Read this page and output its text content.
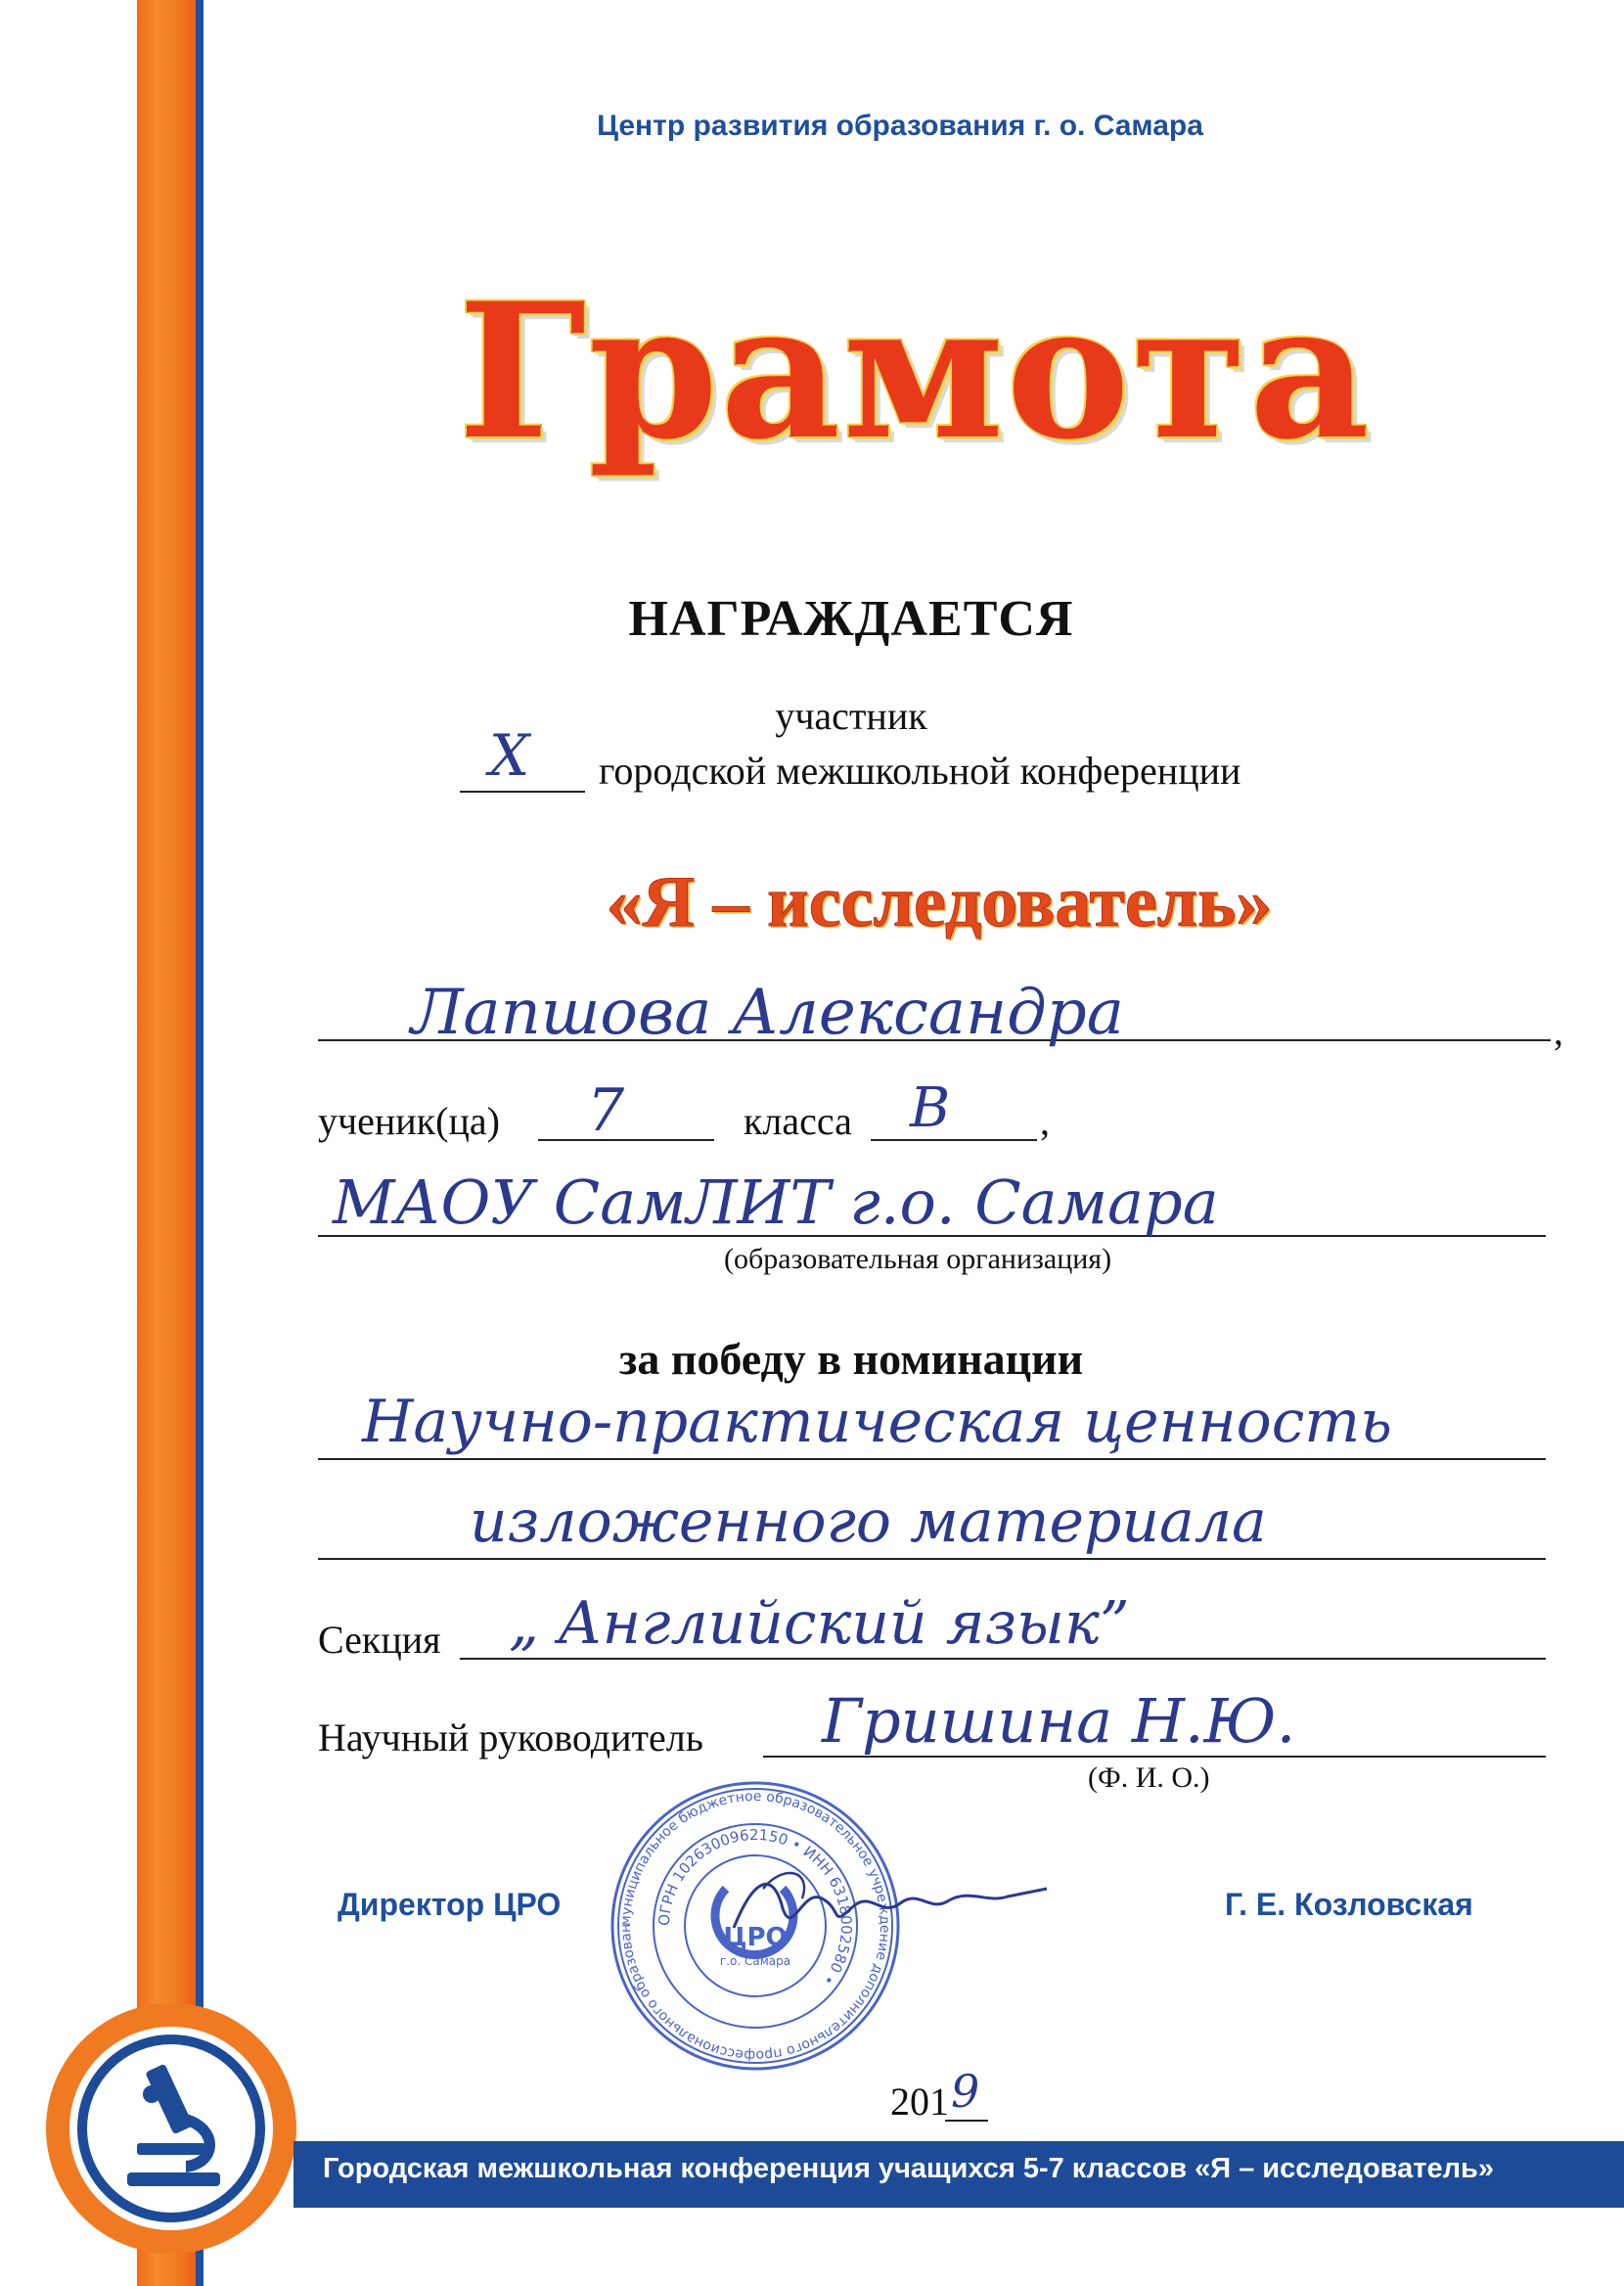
Центр развития образования г. о. Самара
Грамота
НАГРАЖДАЕТСЯ
участник
X городской межшкольной конференции
«Я – исследователь»
,
Лапшова Александра
ученик(ца) 7	класса В ,
МАОУ СамЛИТ г.о. Самара
(образовательная организация)
за победу в номинации
Научно-практическая ценность
изложенного материала
Секция „ Английский язык”
Научный руководитель Гришина Н.Ю.
(Ф. И. О.)
Директор ЦРО	Г. Е. Козловская
муниципальное бюджетное образовательное учреждение дополнительного профессионального образован
ОГРН 1026300962150 • ИНН 6318002580 •
ЦРО
г.о. Самара
201 9
Городская межшкольная конференция учащихся 5-7 классов «Я – исследователь»
